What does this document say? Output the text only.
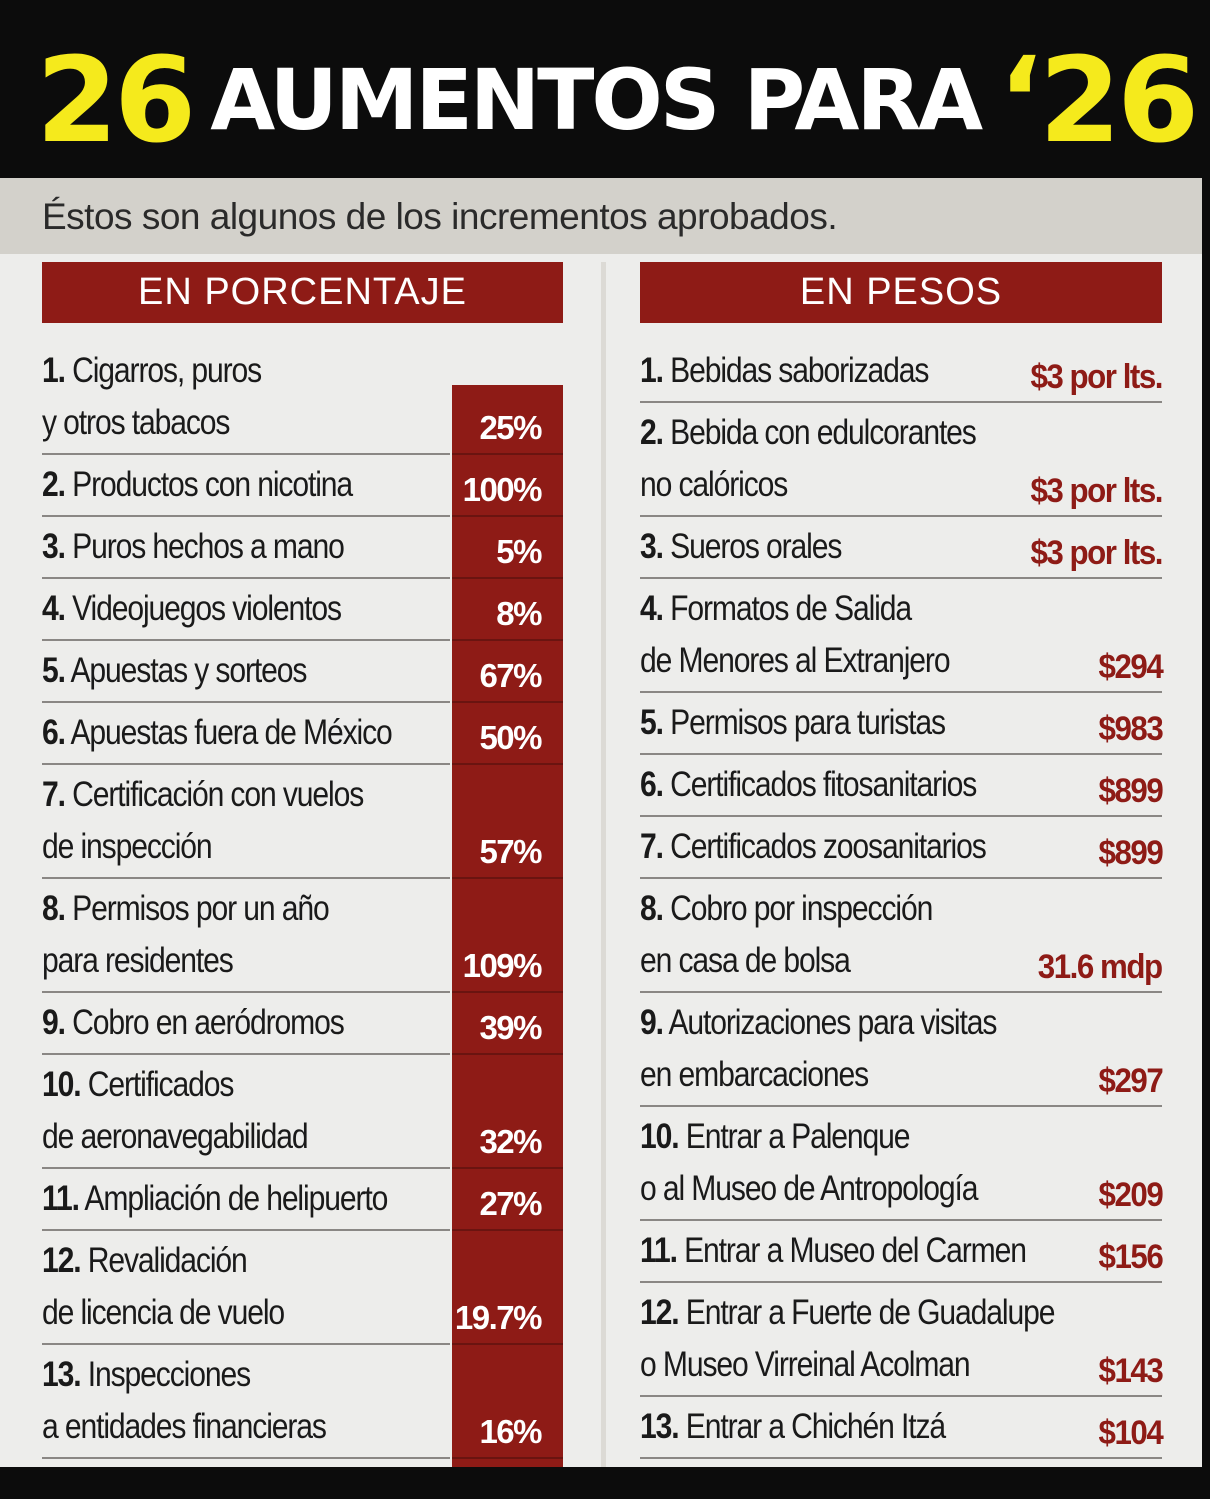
26 AUMENTOS PARA ‘26
Éstos son algunos de los incrementos aprobados.
EN PORCENTAJE	EN PESOS
1. Cigarros, puros
y otros tabacos	25%
2. Productos con nicotina	100%
3. Puros hechos a mano	5%
4. Videojuegos violentos	8%
5. Apuestas y sorteos	67%
6. Apuestas fuera de México	50%
7. Certificación con vuelos
de inspección	57%
8. Permisos por un año
para residentes	109%
9. Cobro en aeródromos	39%
10. Certificados
de aeronavegabilidad	32%
11. Ampliación de helipuerto	27%
12. Revalidación
de licencia de vuelo	19.7%
13. Inspecciones
a entidades financieras	16%
1. Bebidas saborizadas	$3 por lts.
2. Bebida con edulcorantes
no calóricos	$3 por lts.
3. Sueros orales	$3 por lts.
4. Formatos de Salida
de Menores al Extranjero	$294
5. Permisos para turistas	$983
6. Certificados fitosanitarios	$899
7. Certificados zoosanitarios	$899
8. Cobro por inspección
en casa de bolsa	31.6 mdp
9. Autorizaciones para visitas
en embarcaciones	$297
10. Entrar a Palenque
o al Museo de Antropología	$209
11. Entrar a Museo del Carmen $156
12. Entrar a Fuerte de Guadalupe
o Museo Virreinal Acolman	$143
13. Entrar a Chichén Itzá	$104
